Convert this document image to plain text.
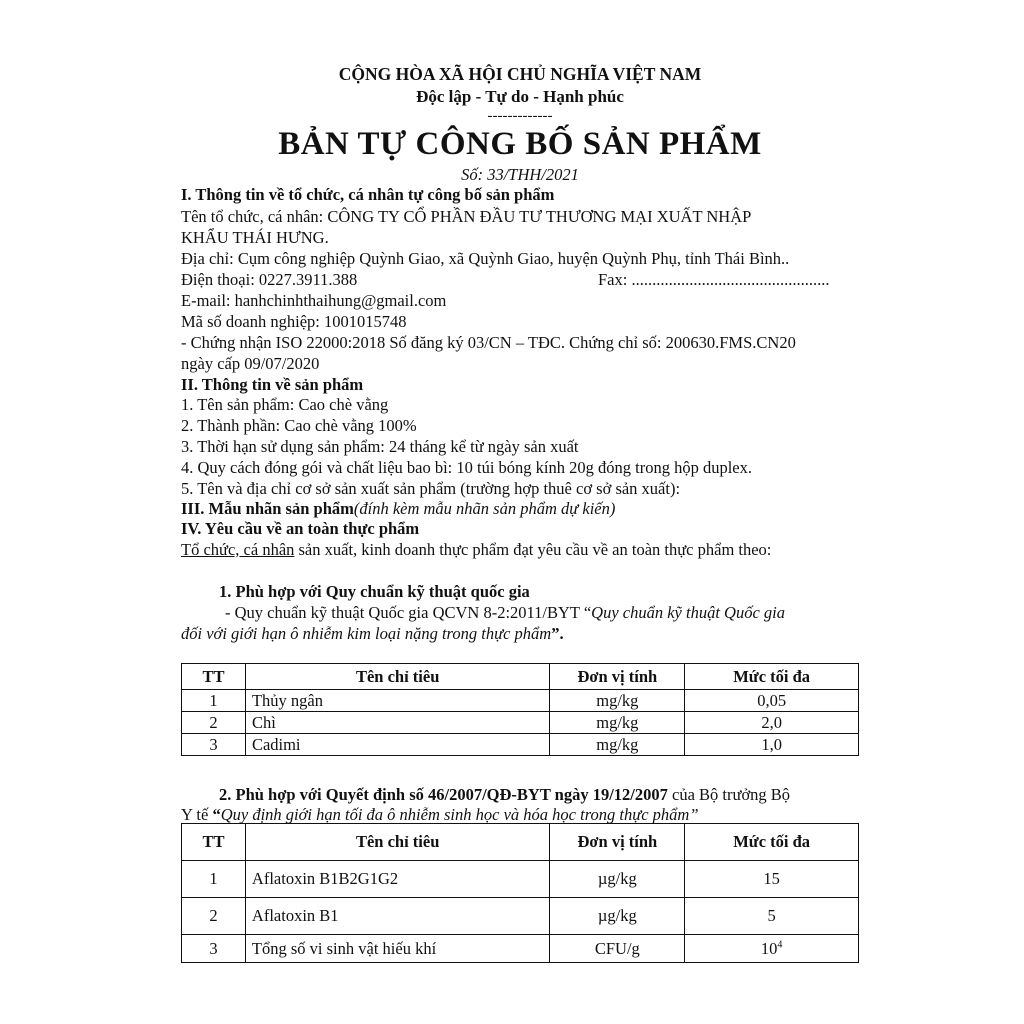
CỘNG HÒA XÃ HỘI CHỦ NGHĨA VIỆT NAM
Độc lập - Tự do - Hạnh phúc
-------------
BẢN TỰ CÔNG BỐ SẢN PHẨM
Số: 33/THH/2021
I. Thông tin về tổ chức, cá nhân tự công bố sản phẩm
Tên tổ chức, cá nhân: CÔNG TY CỔ PHẦN ĐẦU TƯ THƯƠNG MẠI XUẤT NHẬP
KHẨU THÁI HƯNG.
Địa chỉ: Cụm công nghiệp Quỳnh Giao, xã Quỳnh Giao, huyện Quỳnh Phụ, tỉnh Thái Bình..
Điện thoại: 0227.3911.388	Fax: ................................................
E-mail: hanhchinhthaihung@gmail.com
Mã số doanh nghiệp: 1001015748
- Chứng nhận ISO 22000:2018 Số đăng ký 03/CN – TĐC. Chứng chỉ số: 200630.FMS.CN20
ngày cấp 09/07/2020
II. Thông tin về sản phẩm
1. Tên sản phẩm: Cao chè vằng
2. Thành phần: Cao chè vằng 100%
3. Thời hạn sử dụng sản phẩm: 24 tháng kể từ ngày sản xuất
4. Quy cách đóng gói và chất liệu bao bì: 10 túi bóng kính 20g đóng trong hộp duplex.
5. Tên và địa chỉ cơ sở sản xuất sản phẩm (trường hợp thuê cơ sở sản xuất):
III. Mẫu nhãn sản phẩm(đính kèm mẫu nhãn sản phẩm dự kiến)
IV. Yêu cầu về an toàn thực phẩm
Tổ chức, cá nhân sản xuất, kinh doanh thực phẩm đạt yêu cầu về an toàn thực phẩm theo:
1. Phù hợp với Quy chuẩn kỹ thuật quốc gia
- Quy chuẩn kỹ thuật Quốc gia QCVN 8-2:2011/BYT “Quy chuẩn kỹ thuật Quốc gia
đối với giới hạn ô nhiễm kim loại nặng trong thực phẩm”.
TT	Tên chỉ tiêu	Đơn vị tính	Mức tối đa
1	Thủy ngân	mg/kg	0,05
2	Chì	mg/kg	2,0
3	Cadimi	mg/kg	1,0
2. Phù hợp với Quyết định số 46/2007/QĐ-BYT ngày 19/12/2007 của Bộ trưởng Bộ
Y tế “Quy định giới hạn tối đa ô nhiễm sinh học và hóa học trong thực phẩm”
TT	Tên chỉ tiêu	Đơn vị tính	Mức tối đa
1	Aflatoxin B1B2G1G2	µg/kg	15
2	Aflatoxin B1	µg/kg	5
3	Tổng số vi sinh vật hiếu khí	CFU/g	$10^4$
